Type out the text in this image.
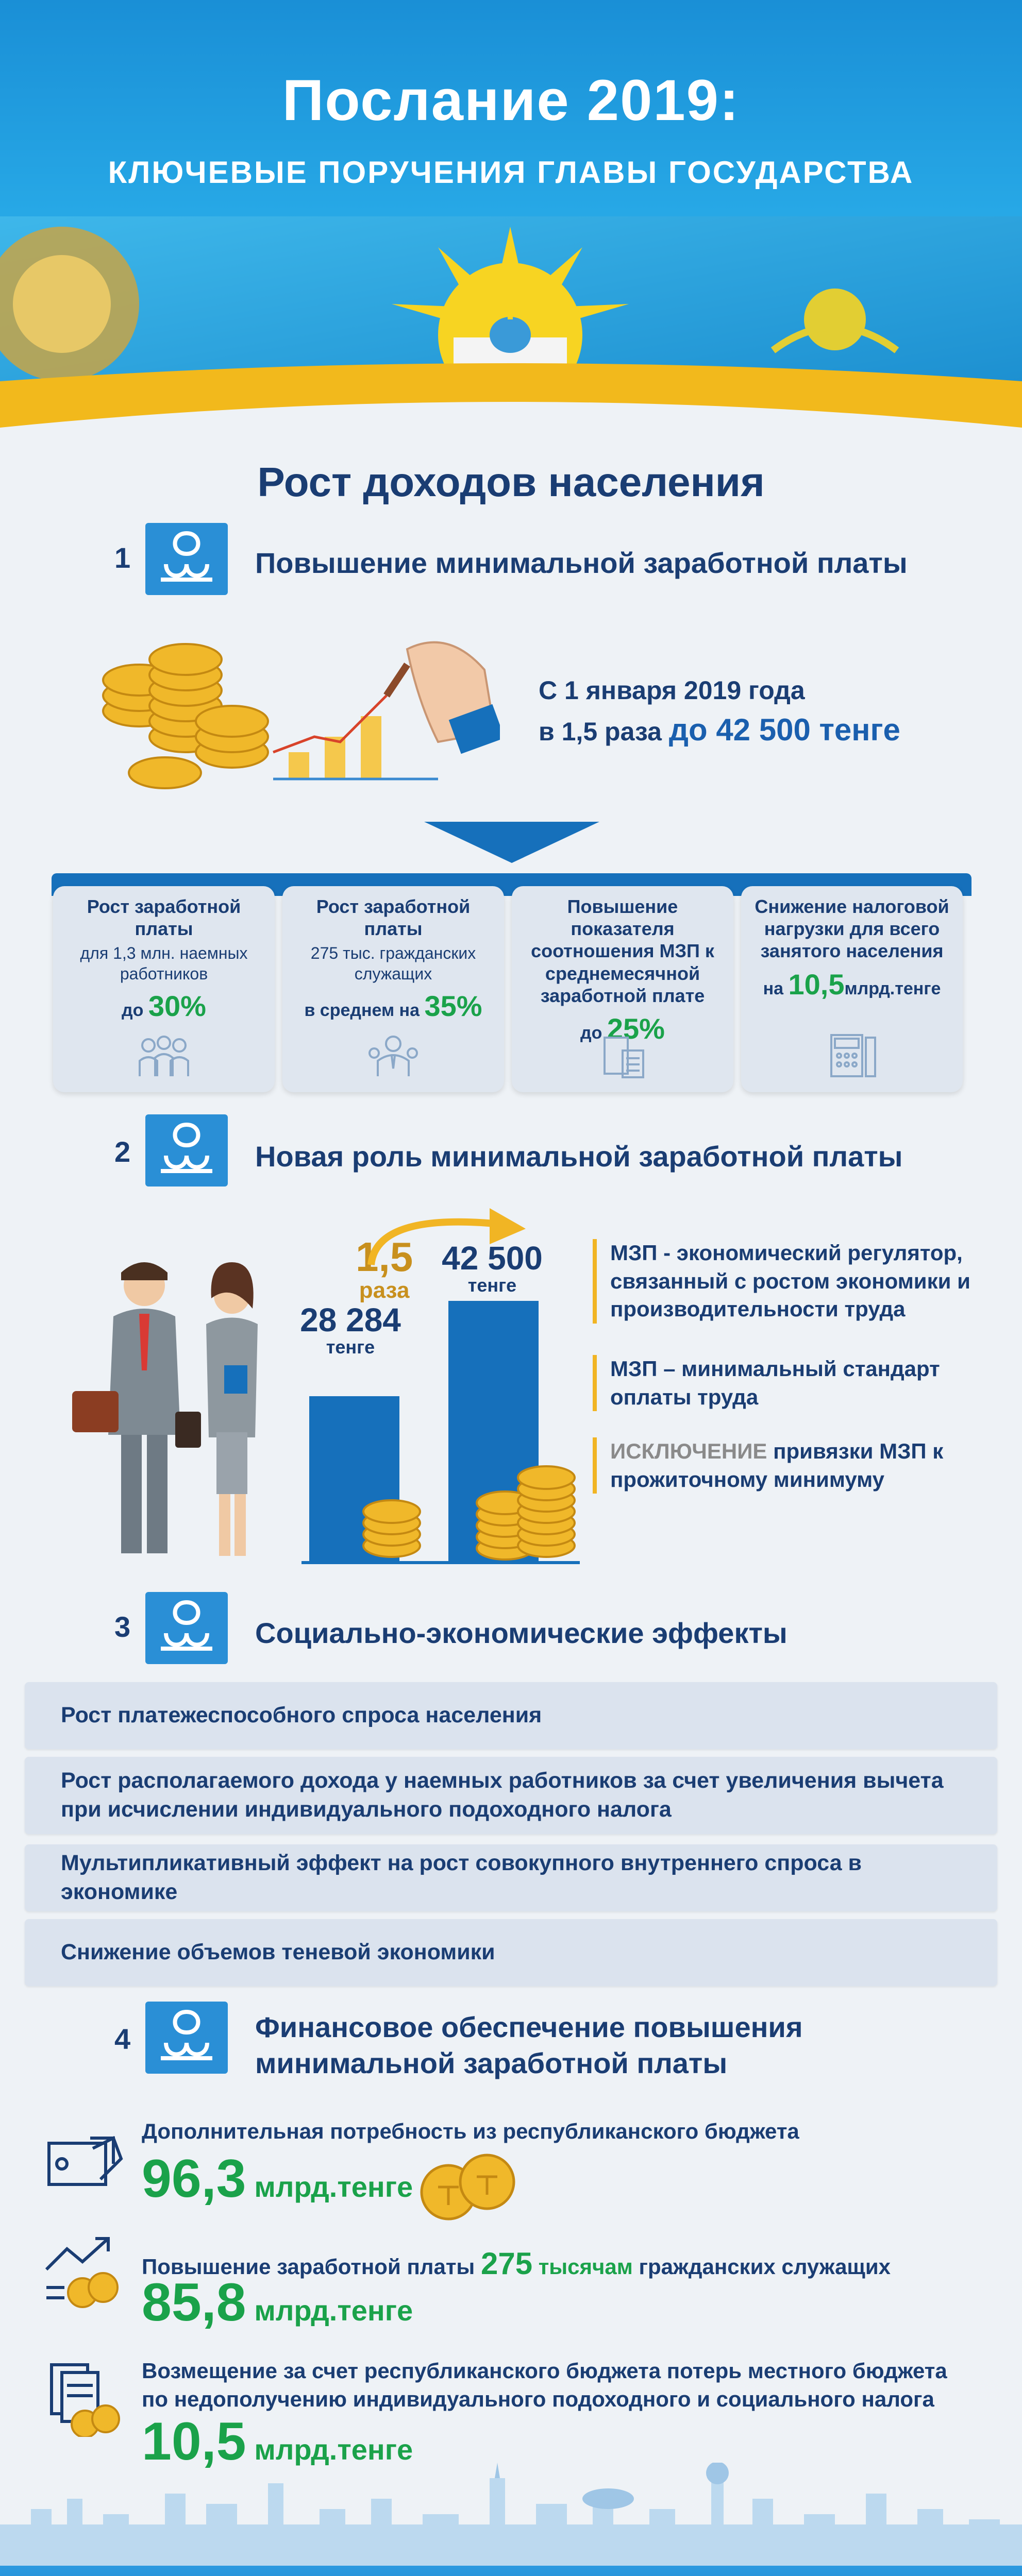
Послание 2019:
КЛЮЧЕВЫЕ ПОРУЧЕНИЯ ГЛАВЫ ГОСУДАРСТВА
Рост доходов населения
1	Повышение минимальной заработной платы
С 1 января 2019 года
в 1,5 раза до 42 500 тенге
Рост заработной платы
для 1,3 млн. наемных работников
до 30%
Рост заработной платы
275 тыс. гражданских служащих
в среднем на 35%
Повышение показателя соотношения МЗП к среднемесячной заработной плате
до 25%
Снижение налоговой нагрузки для всего занятого населения
на 10,5млрд.тенге
2	Новая роль минимальной заработной платы
1,5
раза
28 284
тенге
42 500
тенге
МЗП - экономический регулятор, связанный с ростом экономики и производительности труда
МЗП – минимальный стандарт оплаты труда
ИСКЛЮЧЕНИЕ привязки МЗП к прожиточному минимуму
3	Социально-экономические эффекты
Рост платежеспособного спроса населения
Рост располагаемого дохода у наемных работников за счет увеличения вычета при исчислении индивидуального подоходного налога
Мультипликативный эффект на рост совокупного внутреннего спроса в экономике
Снижение объемов теневой экономики
4	Финансовое обеспечение повышения
минимальной заработной платы
Дополнительная потребность из республиканского бюджета
96,3 млрд.тенге
Повышение заработной платы 275 тысячам гражданских служащих
85,8 млрд.тенге
Возмещение за счет республиканского бюджета потерь местного бюджета по недополучению индивидуального подоходного и социального налога
10,5 млрд.тенге
